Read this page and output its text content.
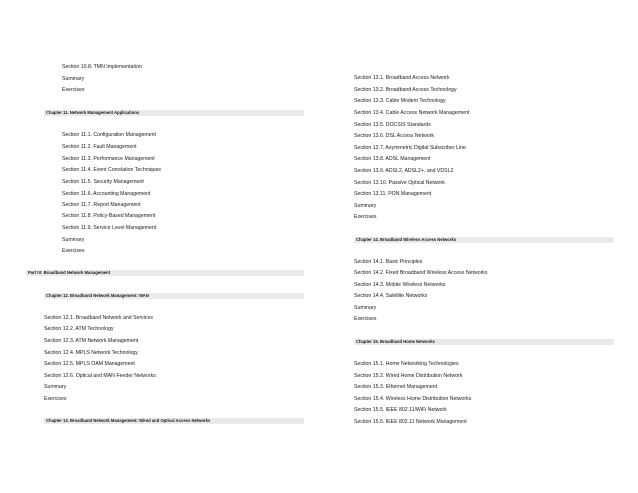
Section 10.8. TMN Implementation
Summary
Exercises
Chapter 11. Network Management Applications
Section 11.1. Configuration Management
Section 11.2. Fault Management
Section 11.3. Performance Management
Section 11.4. Event Correlation Techniques
Section 11.5. Security Management
Section 11.6. Accounting Management
Section 11.7. Report Management
Section 11.8. Policy-Based Management
Section 11.9. Service Level Management
Summary
Exercises
Part IV: Broadband Network Management
Chapter 12. Broadband Network Management: WAN
Section 12.1. Broadband Network and Services
Section 12.2. ATM Technology
Section 12.3. ATM Network Management
Section 12.4. MPLS Network Technology
Section 12.5. MPLS OAM Management
Section 12.6. Optical and MAN Feeder Networks
Summary
Exercises
Chapter 13. Broadband Network Management: Wired and Optical Access Networks
Section 13.1. Broadband Access Network
Section 13.2. Broadband Access Technology
Section 13.3. Cable Modem Technology
Section 13.4. Cable Access Network Management
Section 13.5. DOCSIS Standards
Section 13.6. DSL Access Network
Section 13.7. Asymmetric Digital Subscriber Line
Section 13.8. ADSL Management
Section 13.9. ADSL2, ADSL2+, and VDSL2
Section 13.10. Passive Optical Network
Section 13.11. PON Management
Summary
Exercises
Chapter 14. Broadband Wireless Access Networks
Section 14.1. Basic Principles
Section 14.2. Fixed Broadband Wireless Access Networks
Section 14.3. Mobile Wireless Networks
Section 14.4. Satellite Networks
Summary
Exercises
Chapter 15. Broadband Home Networks
Section 15.1. Home Networking Technologies
Section 15.2. Wired Home Distribution Network
Section 15.3. Ethernet Management
Section 15.4. Wireless Home Distribution Networks
Section 15.5. IEEE 802.11/WiFi Network
Section 15.6. IEEE 802.11 Network Management
